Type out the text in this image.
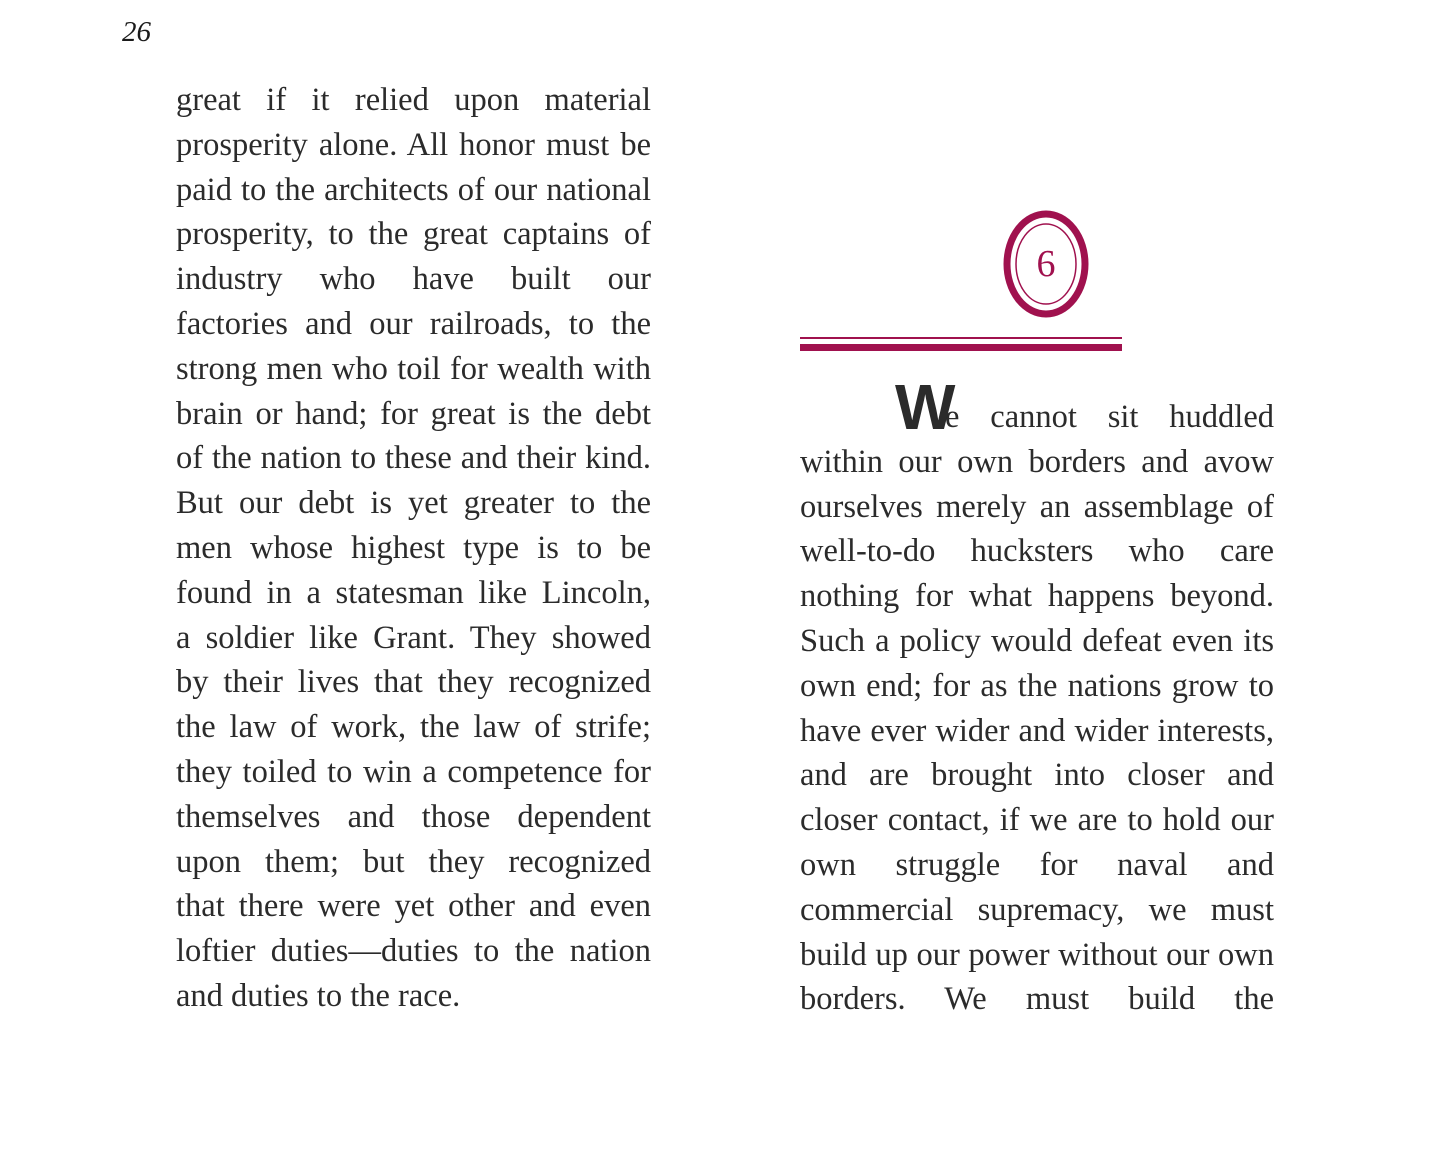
26
great if it relied upon material
prosperity alone. All honor must be
paid to the architects of our national
prosperity, to the great captains of
industry who have built our
factories and our railroads, to the
strong men who toil for wealth with
brain or hand; for great is the debt
of the nation to these and their kind.
But our debt is yet greater to the
men whose highest type is to be
found in a statesman like Lincoln,
a soldier like Grant. They showed
by their lives that they recognized
the law of work, the law of strife;
they toiled to win a competence for
themselves and those dependent
upon them; but they recognized
that there were yet other and even
loftier duties—duties to the nation
and duties to the race.
6
W
e cannot sit huddled
within our own borders and avow
ourselves merely an assemblage of
well-to-do hucksters who care
nothing for what happens beyond.
Such a policy would defeat even its
own end; for as the nations grow to
have ever wider and wider interests,
and are brought into closer and
closer contact, if we are to hold our
own struggle for naval and
commercial supremacy, we must
build up our power without our own
borders. We must build the
